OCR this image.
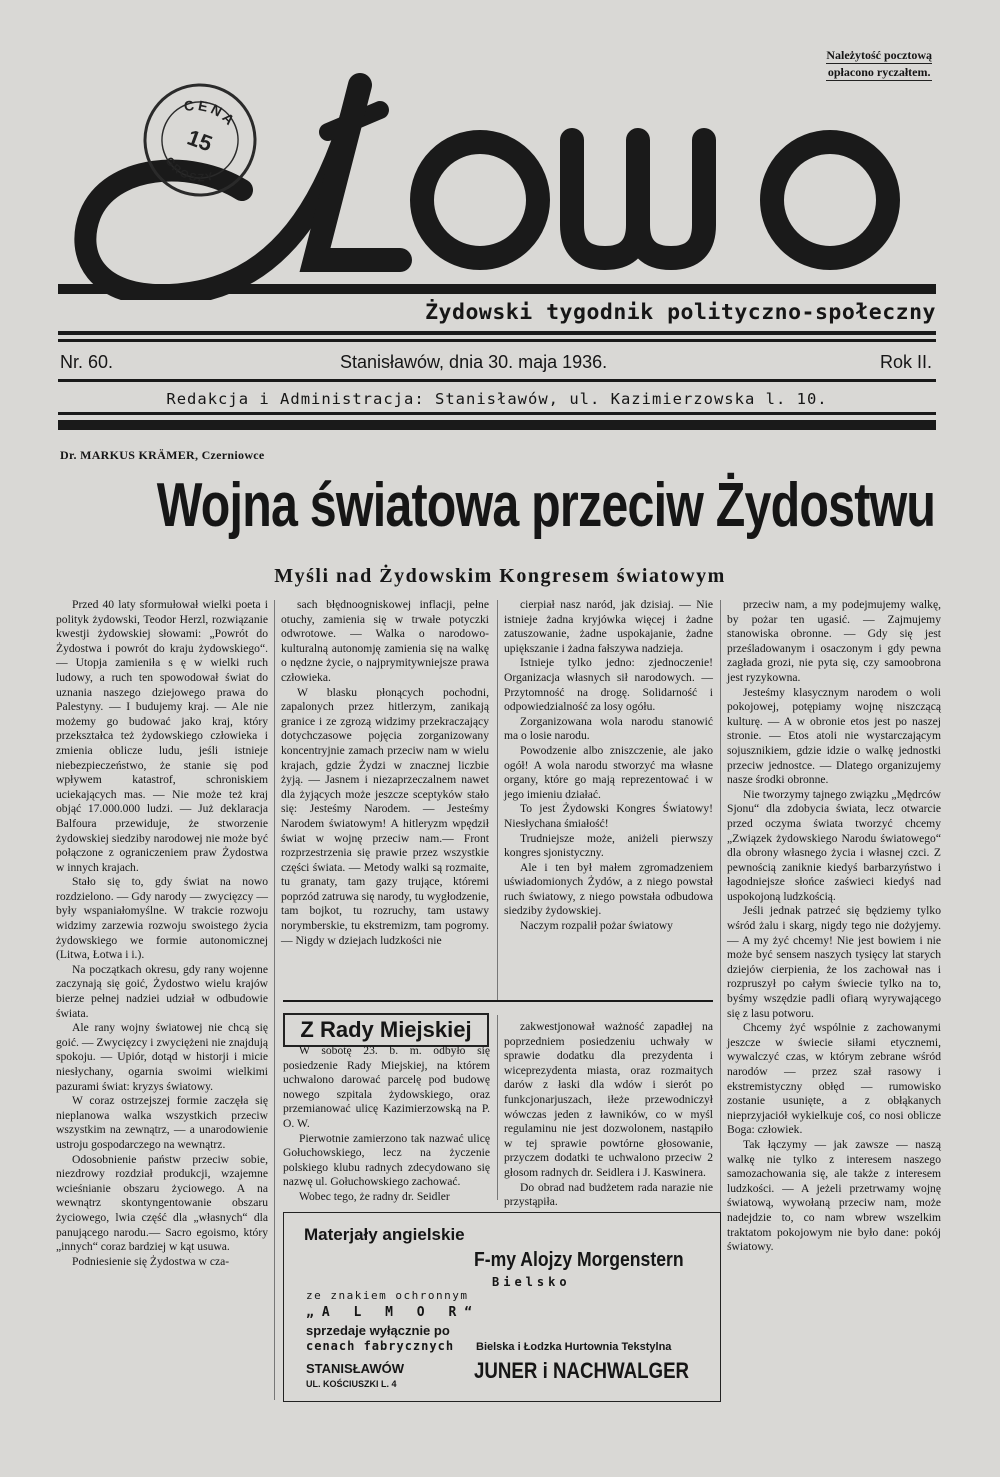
Należytość pocztową
opłacono ryczałtem.
CENA
15
GROSZY
Żydowski tygodnik polityczno-społeczny
Nr. 60.	Stanisławów, dnia 30. maja 1936.	Rok II.
Redakcja i Administracja: Stanisławów, ul. Kazimierzowska l. 10.
Dr. MARKUS KRÄMER, Czerniowce
Wojna światowa przeciw Żydostwu
Myśli nad Żydowskim Kongresem światowym

Przed 40 laty sformułował wielki poeta i polityk żydowski, Teodor Herzl, rozwiązanie kwestji żydowskiej słowami: „Powrót do Żydostwa i powrót do kraju żydowskiego“.— Utopja zamieniła s ę w wielki ruch ludowy, a ruch ten spowodował świat do uznania naszego dziejowego prawa do Palestyny. — I budujemy kraj. — Ale nie możemy go budować jako kraj, który przekształca też żydowskiego człowieka i zmienia oblicze ludu, jeśli istnieje niebezpieczeństwo, że stanie się pod wpływem katastrof, schroniskiem uciekających mas. — Nie może też kraj objąć 17.000.000 ludzi. — Już deklaracja Balfoura przewiduje, że stworzenie żydowskiej siedziby narodowej nie może być połączone z ograniczeniem praw Żydostwa w innych krajach.

Stało się to, gdy świat na nowo rozdzielono. — Gdy narody — zwycięzcy — były wspaniałomyślne. W trakcie rozwoju widzimy zarzewia rozwoju swoistego życia żydowskiego we formie autonomicznej (Litwa, Łotwa i i.).

Na początkach okresu, gdy rany wojenne zaczynają się goić, Żydostwo wielu krajów bierze pełnej nadziei udział w odbudowie świata.

Ale rany wojny światowej nie chcą się goić. — Zwycięzcy i zwyciężeni nie znajdują spokoju. — Upiór, dotąd w historji i micie niesłychany, ogarnia swoimi wielkimi pazurami świat: kryzys światowy.

W coraz ostrzejszej formie zaczęła się nieplanowa walka wszystkich przeciw wszystkim na zewnątrz, — a unarodowienie ustroju gospodarczego na wewnątrz.

Odosobnienie państw przeciw sobie, niezdrowy rozdział produkcji, wzajemne wcieśnianie obszaru życiowego. A na wewnątrz skontyngentowanie obszaru życiowego, lwia część dla „własnych“ dla panującego narodu.— Sacro egoismo, który „innych“ coraz bardziej w kąt usuwa.

Podniesienie się Żydostwa w cza-

sach błędnoogniskowej inflacji, pełne otuchy, zamienia się w trwałe potyczki odwrotowe. — Walka o narodowo-kulturalną autonomję zamienia się na walkę o nędzne życie, o najprymitywniejsze prawa człowieka.

W blasku płonących pochodni, zapalonych przez hitlerzym, zanikają granice i ze zgrozą widzimy przekraczający dotychczasowe pojęcia zorganizowany koncentryjnie zamach przeciw nam w wielu krajach, gdzie Żydzi w znacznej liczbie żyją. — Jasnem i niezaprzeczalnem nawet dla żyjących może jeszcze sceptyków stało się: Jesteśmy Narodem. — Jesteśmy Narodem światowym! A hitleryzm wpędził świat w wojnę przeciw nam.— Front rozprzestrzenia się prawie przez wszystkie części świata. — Metody walki są rozmaite, tu granaty, tam gazy trujące, któremi poprzód zatruwa się narody, tu wygłodzenie, tam bojkot, tu rozruchy, tam ustawy norymberskie, tu ekstremizm, tam pogromy. — Nigdy w dziejach ludzkości nie

cierpiał nasz naród, jak dzisiaj. — Nie istnieje żadna kryjówka więcej i żadne zatuszowanie, żadne uspokajanie, żadne upiększanie i żadna fałszywa nadzieja.

Istnieje tylko jedno: zjednoczenie! Organizacja własnych sił narodowych. — Przytomność na drogę. Solidarność i odpowiedzialność za losy ogółu.

Zorganizowana wola narodu stanowić ma o losie narodu.

Powodzenie albo zniszczenie, ale jako ogół! A wola narodu stworzyć ma własne organy, które go mają reprezentować i w jego imieniu działać.

To jest Żydowski Kongres Światowy! Niesłychana śmiałość!

Trudniejsze może, aniżeli pierwszy kongres sjonistyczny.

Ale i ten był małem zgromadzeniem uświadomionych Żydów, a z niego powstał ruch światowy, z niego powstała odbudowa siedziby żydowskiej.

Naczym rozpalił pożar światowy

przeciw nam, a my podejmujemy walkę, by pożar ten ugasić. — Zajmujemy stanowiska obronne. — Gdy się jest prześladowanym i osaczonym i gdy pewna zagłada grozi, nie pyta się, czy samoobrona jest ryzykowna.

Jesteśmy klasycznym narodem o woli pokojowej, potępiamy wojnę niszczącą kulturę. — A w obronie etos jest po naszej stronie. — Etos atoli nie wystarczającym sojusznikiem, gdzie idzie o walkę jednostki przeciw jednostce. — Dlatego organizujemy nasze środki obronne.

Nie tworzymy tajnego związku „Mędrców Sjonu“ dla zdobycia świata, lecz otwarcie przed oczyma świata tworzyć chcemy „Związek żydowskiego Narodu światowego“ dla obrony własnego życia i własnej czci. Z pewnością zaniknie kiedyś barbarzyństwo i łagodniejsze słońce zaświeci kiedyś nad uspokojoną ludzkością.

Jeśli jednak patrzeć się będziemy tylko wśród żalu i skarg, nigdy tego nie dożyjemy. — A my żyć chcemy! Nie jest bowiem i nie może być sensem naszych tysięcy lat starych dziejów cierpienia, że los zachował nas i rozpruszył po całym świecie tylko na to, byśmy wszędzie padli ofiarą wyrywającego się z lasu potworu.

Chcemy żyć wspólnie z zachowanymi jeszcze w świecie siłami etycznemi, wywalczyć czas, w którym zebrane wśród narodów — przez szał rasowy i ekstremistyczny obłęd — rumowisko zostanie usunięte, a z obłąkanych nieprzyjaciół wykielkuje coś, co nosi oblicze Boga: człowiek.

Tak łączymy — jak zawsze — naszą walkę nie tylko z interesem naszego samozachowania się, ale także z interesem ludzkości. — A jeżeli przetrwamy wojnę światową, wywołaną przeciw nam, może nadejdzie to, co nam wbrew wszelkim traktatom pokojowym nie było dane: pokój światowy.

Z Rady Miejskiej

W sobotę 23. b. m. odbyło się posiedzenie Rady Miejskiej, na którem uchwalono darować parcelę pod budowę nowego szpitala żydowskiego, oraz przemianować ulicę Kazimierzowską na P. O. W.

Pierwotnie zamierzono tak nazwać ulicę Gołuchowskiego, lecz na życzenie polskiego klubu radnych zdecydowano się nazwę ul. Gołuchowskiego zachować.

Wobec tego, że radny dr. Seidler

zakwestjonował ważność zapadłej na poprzedniem posiedzeniu uchwały w sprawie dodatku dla prezydenta i wiceprezydenta miasta, oraz rozmaitych darów z łaski dla wdów i sierót po funkcjonarjuszach, iłeże przewodniczył wówczas jeden z ławników, co w myśl regulaminu nie jest dozwolonem, nastąpiło w tej sprawie powtórne głosowanie, przyczem dodatki te uchwalono przeciw 2 głosom radnych dr. Seidlera i J. Kaswinera.

Do obrad nad budżetem rada narazie nie przystąpiła.

Materjały angielskie
F-my Alojzy Morgenstern
Bielsko
ze znakiem ochronnym
„A L M O R“
sprzedaje wyłącznie po
cenach fabrycznych Bielska i Łodzka Hurtownia Tekstylna
STANISŁAWÓW	JUNER i NACHWALGER
UL. KOŚCIUSZKI L. 4
